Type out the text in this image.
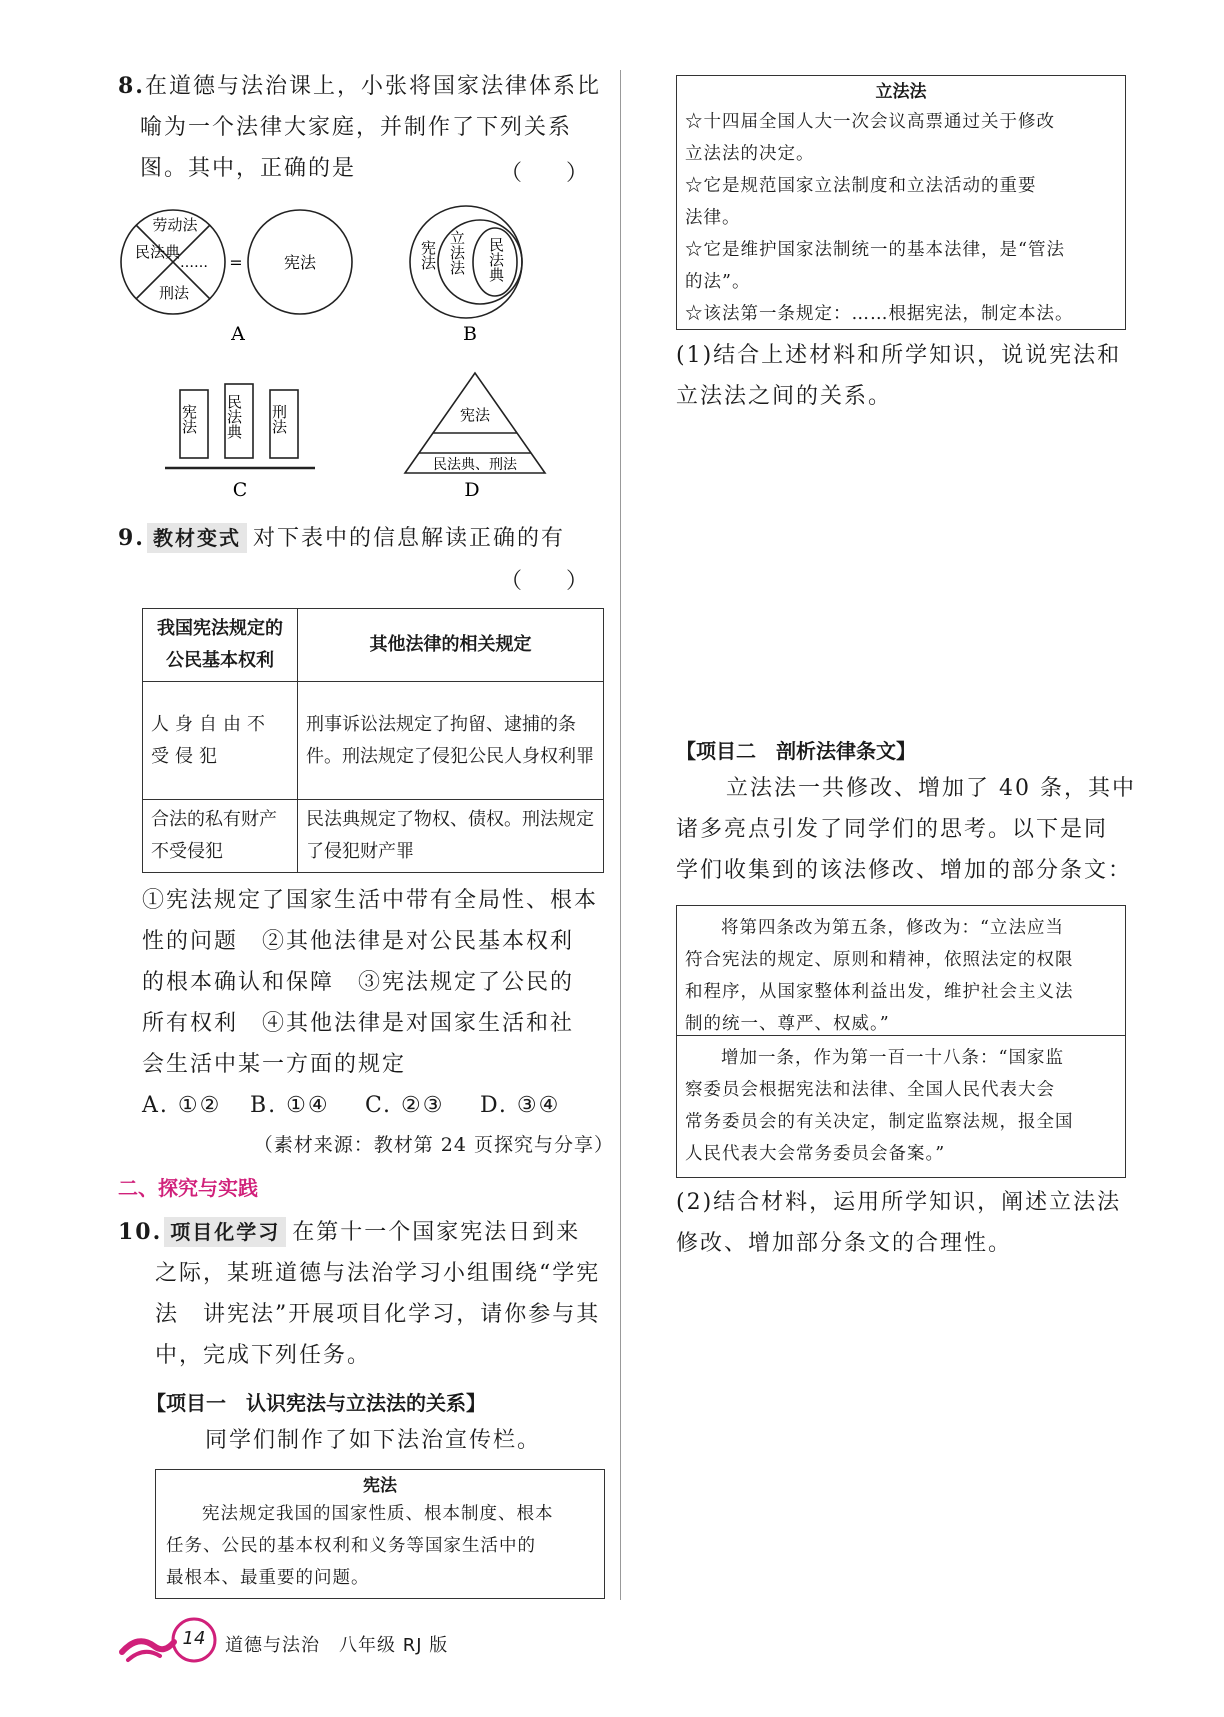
8.在道德与法治课上，小张将国家法律体系比
喻为一个法律大家庭，并制作了下列关系
图。其中，正确的是	（　　）
劳动法
民法典
……
刑法
=	宪法
A
宪法 立法法 民法典
B
宪法 民法典 刑法
C
宪法
民法典、刑法
D
9. 教材变式 对下表中的信息解读正确的有
（　　）
我国宪法规定的公民基本权利	其他法律的相关规定
人身自由不受侵犯	刑事诉讼法规定了拘留、逮捕的条件。刑法规定了侵犯公民人身权利罪
合法的私有财产不受侵犯	民法典规定了物权、债权。刑法规定了侵犯财产罪
①宪法规定了国家生活中带有全局性、根本
性的问题　②其他法律是对公民基本权利
的根本确认和保障　③宪法规定了公民的
所有权利　④其他法律是对国家生活和社
会生活中某一方面的规定
A. ①② B. ①④ C. ②③ D. ③④
（素材来源：教材第 24 页探究与分享）
二、探究与实践
10. 项目化学习 在第十一个国家宪法日到来
之际，某班道德与法治学习小组围绕“学宪
法　讲宪法”开展项目化学习，请你参与其
中，完成下列任务。
【项目一　认识宪法与立法法的关系】
同学们制作了如下法治宣传栏。
宪法
宪法规定我国的国家性质、根本制度、根本
任务、公民的基本权利和义务等国家生活中的
最根本、最重要的问题。
立法法
☆十四届全国人大一次会议高票通过关于修改
立法法的决定。
☆它是规范国家立法制度和立法活动的重要
法律。
☆它是维护国家法制统一的基本法律，是“管法
的法”。
☆该法第一条规定：……根据宪法，制定本法。
(1)结合上述材料和所学知识，说说宪法和
立法法之间的关系。
【项目二　剖析法律条文】
立法法一共修改、增加了 40 条，其中
诸多亮点引发了同学们的思考。以下是同
学们收集到的该法修改、增加的部分条文：
将第四条改为第五条，修改为：“立法应当
符合宪法的规定、原则和精神，依照法定的权限
和程序，从国家整体利益出发，维护社会主义法
制的统一、尊严、权威。”
增加一条，作为第一百一十八条：“国家监
察委员会根据宪法和法律、全国人民代表大会
常务委员会的有关决定，制定监察法规，报全国
人民代表大会常务委员会备案。”
(2)结合材料，运用所学知识，阐述立法法
修改、增加部分条文的合理性。
14 道德与法治　八年级 RJ 版
